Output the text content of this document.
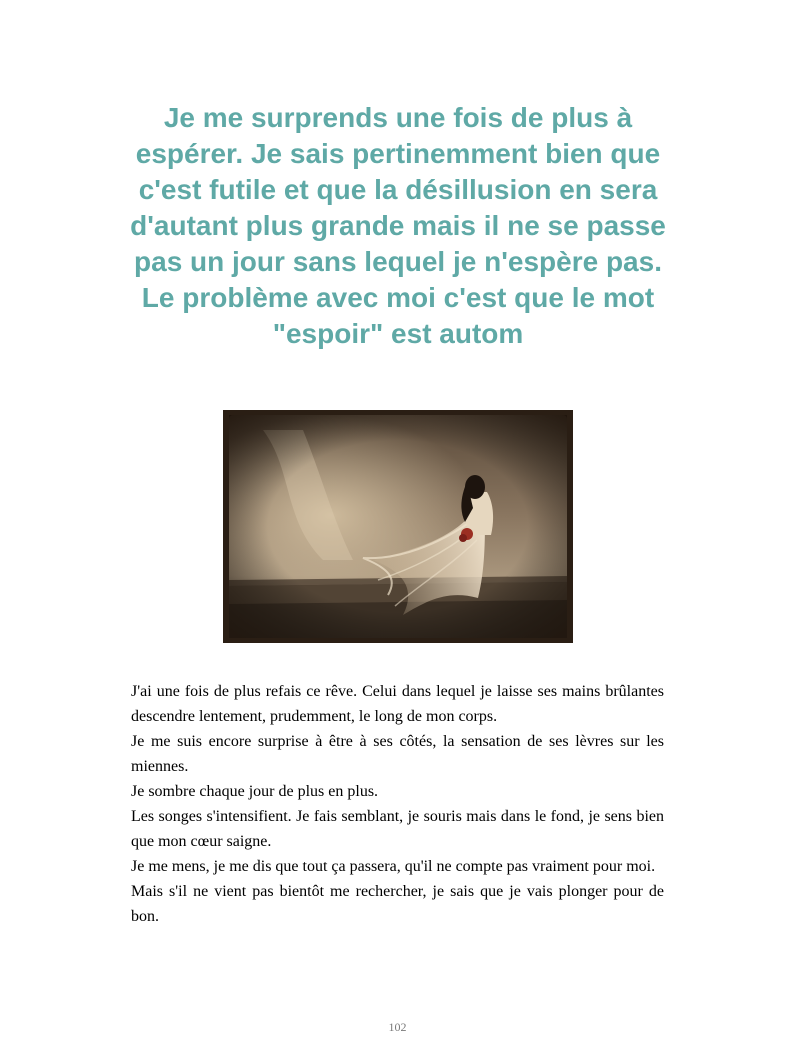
Je me surprends une fois de plus à espérer. Je sais pertinemment bien que c'est futile et que la désillusion en sera d'autant plus grande mais il ne se passe pas un jour sans lequel je n'espère pas. Le problème avec moi c'est que le mot "espoir" est autom

J'ai une fois de plus refais ce rêve. Celui dans lequel je laisse ses mains brûlantes descendre lentement, prudemment, le long de mon corps.

Je me suis encore surprise à être à ses côtés, la sensation de ses lèvres sur les miennes.

Je sombre chaque jour de plus en plus.

Les songes s'intensifient. Je fais semblant, je souris mais dans le fond, je sens bien que mon cœur saigne.

Je me mens, je me dis que tout ça passera, qu'il ne compte pas vraiment pour moi.

Mais s'il ne vient pas bientôt me rechercher, je sais que je vais plonger pour de bon.

102
